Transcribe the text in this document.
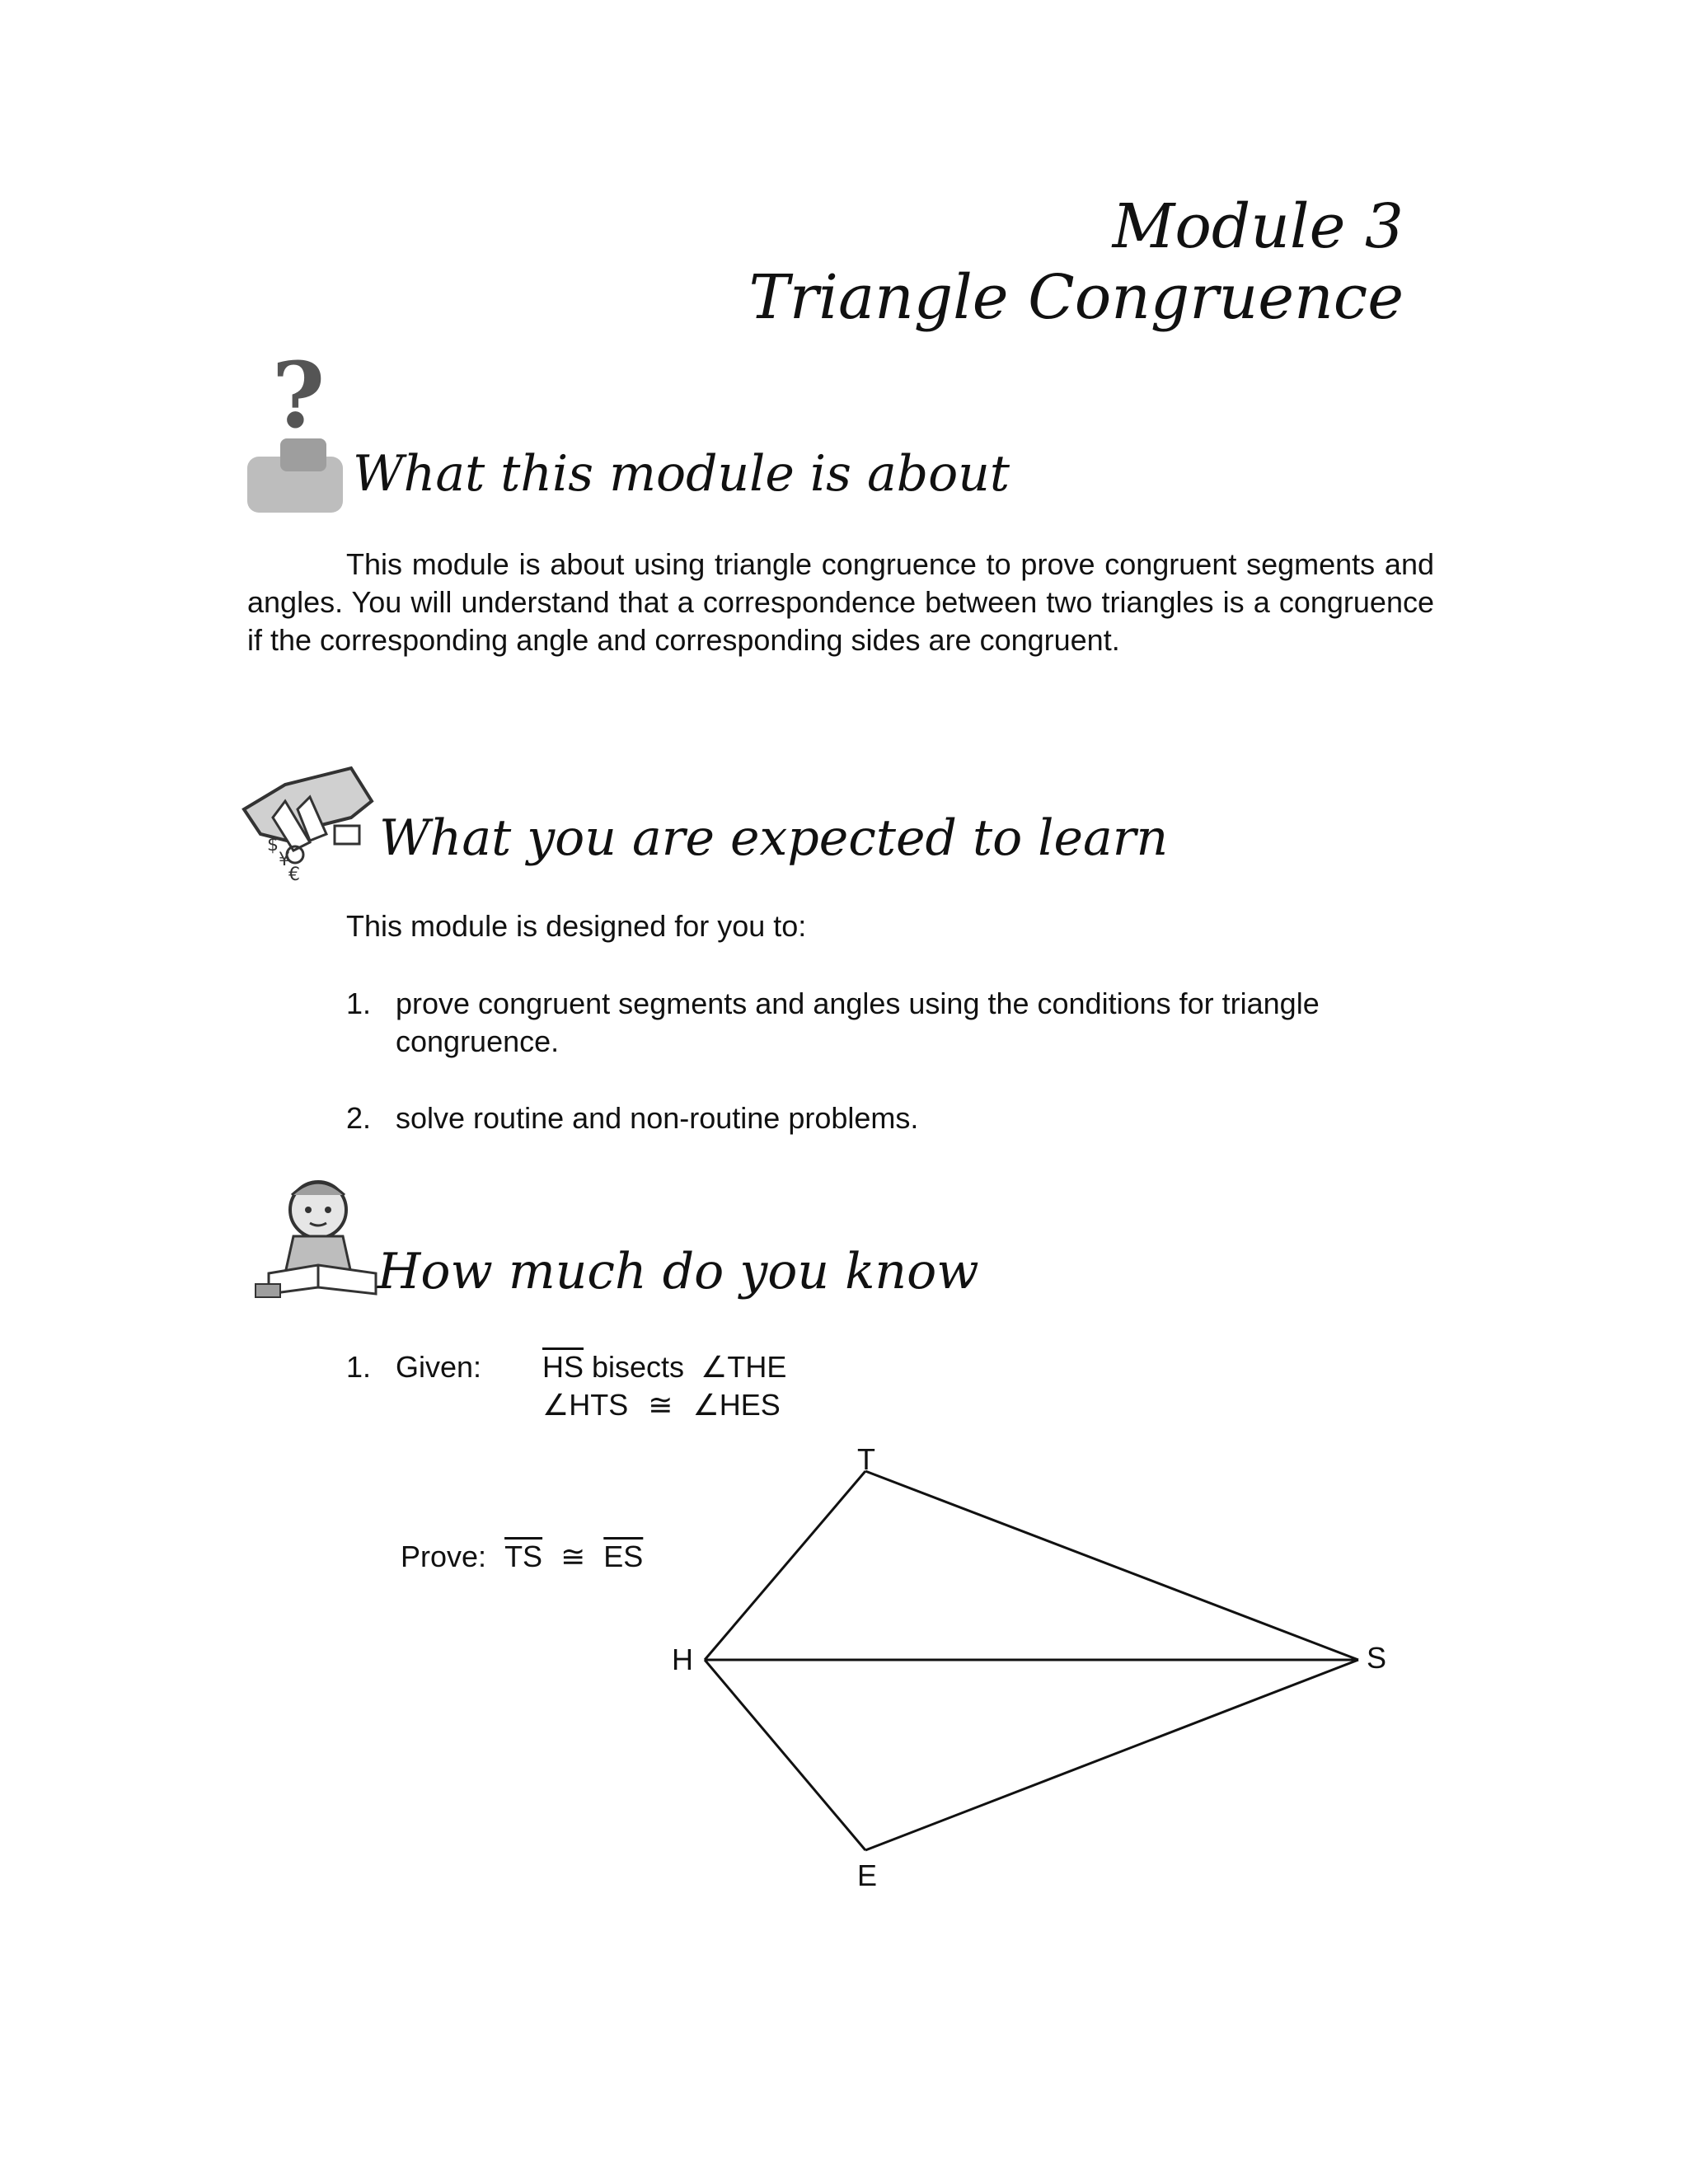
Module 3
Triangle Congruence
?
What this module is about
This module is about using triangle congruence to prove congruent segments and angles. You will understand that a correspondence between two triangles is a congruence if the corresponding angle and corresponding sides are congruent.
$
¥
€
What you are expected to learn
This module is designed for you to:
1. prove congruent segments and angles using the conditions for triangle congruence.
2. solve routine and non-routine problems.
How much do you know
1. Given: $\overline{HS}$ bisects  ∠THE
∠HTS ≅ ∠HES
Prove: $\overline{TS}$ ≅ $\overline{ES}$
T
H	S
E
